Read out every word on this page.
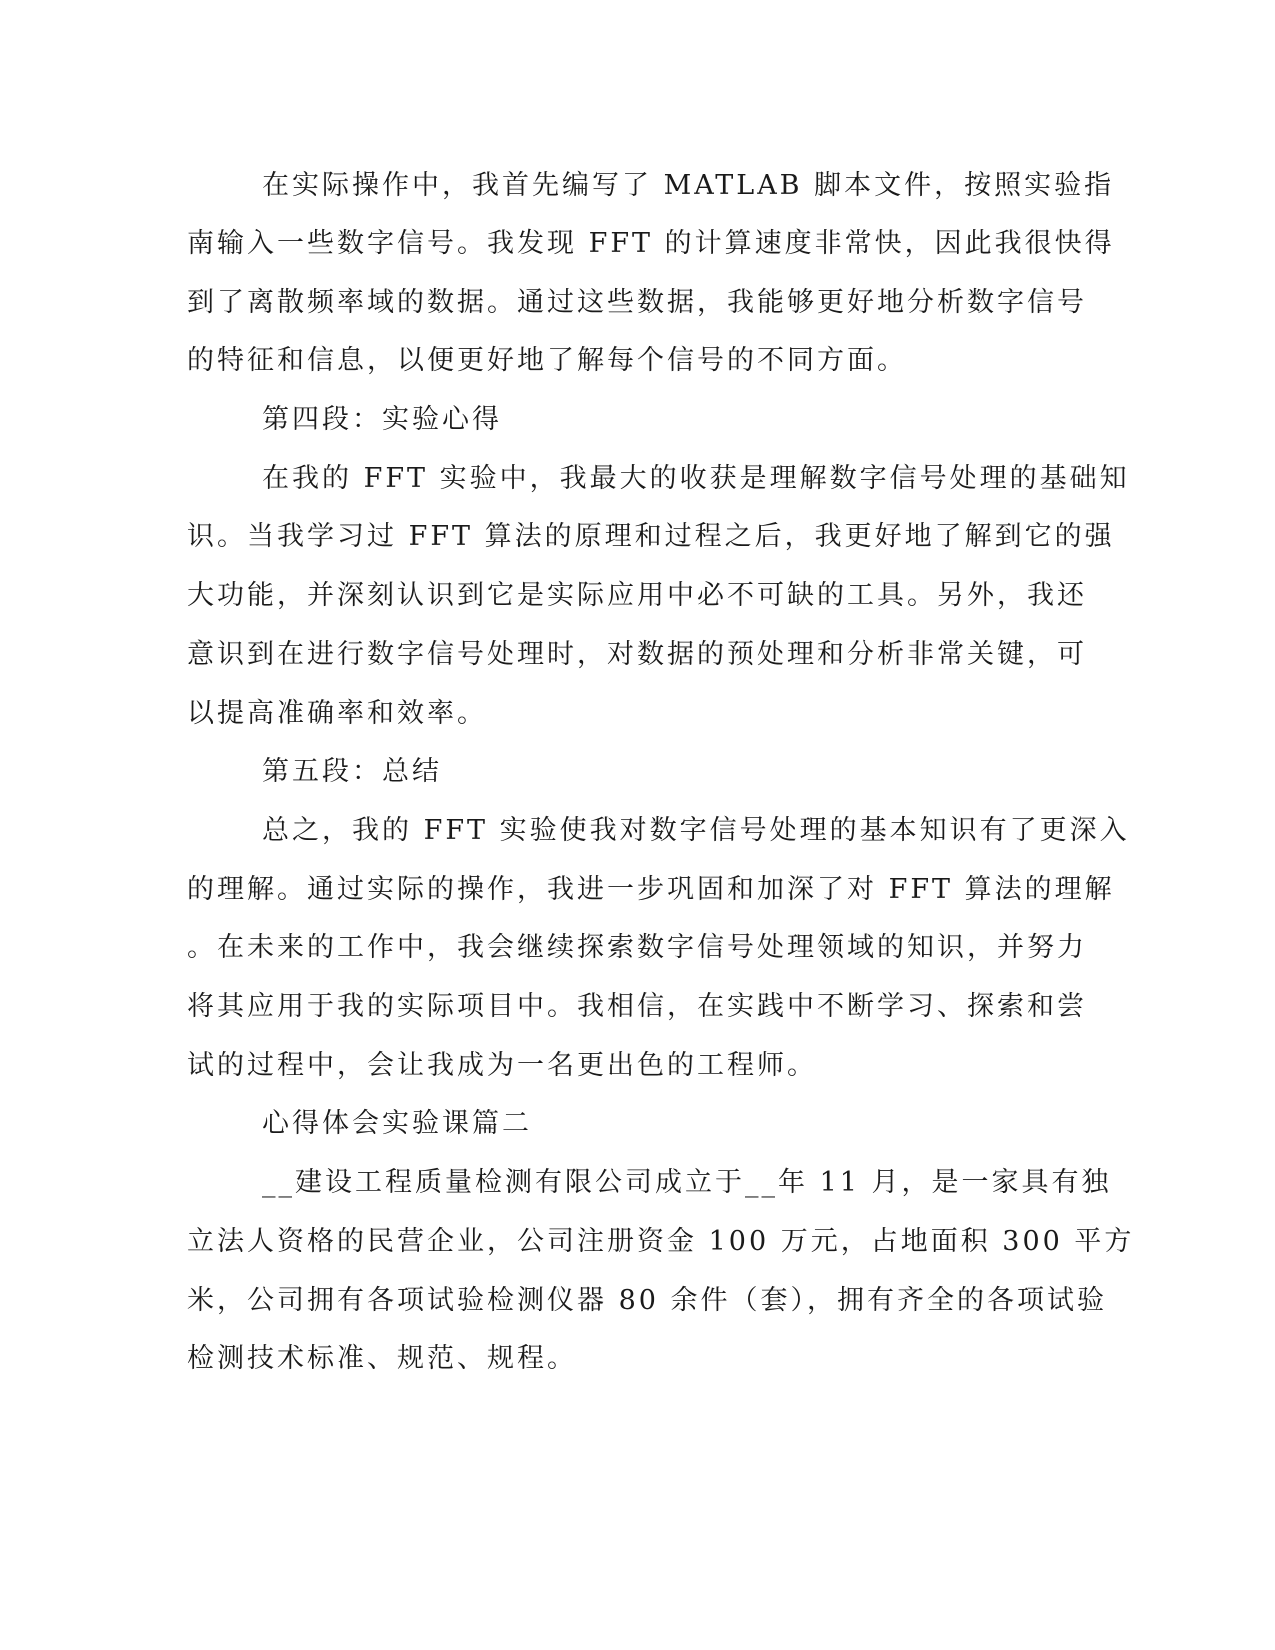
在实际操作中，我首先编写了 MATLAB 脚本文件，按照实验指
南输入一些数字信号。我发现 FFT 的计算速度非常快，因此我很快得
到了离散频率域的数据。通过这些数据，我能够更好地分析数字信号
的特征和信息，以便更好地了解每个信号的不同方面。
第四段：实验心得
在我的 FFT 实验中，我最大的收获是理解数字信号处理的基础知
识。当我学习过 FFT 算法的原理和过程之后，我更好地了解到它的强
大功能，并深刻认识到它是实际应用中必不可缺的工具。另外，我还
意识到在进行数字信号处理时，对数据的预处理和分析非常关键，可
以提高准确率和效率。
第五段：总结
总之，我的 FFT 实验使我对数字信号处理的基本知识有了更深入
的理解。通过实际的操作，我进一步巩固和加深了对 FFT 算法的理解
。在未来的工作中，我会继续探索数字信号处理领域的知识，并努力
将其应用于我的实际项目中。我相信，在实践中不断学习、探索和尝
试的过程中，会让我成为一名更出色的工程师。
心得体会实验课篇二
__建设工程质量检测有限公司成立于__年 11 月，是一家具有独
立法人资格的民营企业，公司注册资金 100 万元，占地面积 300 平方
米，公司拥有各项试验检测仪器 80 余件（套），拥有齐全的各项试验
检测技术标准、规范、规程。
